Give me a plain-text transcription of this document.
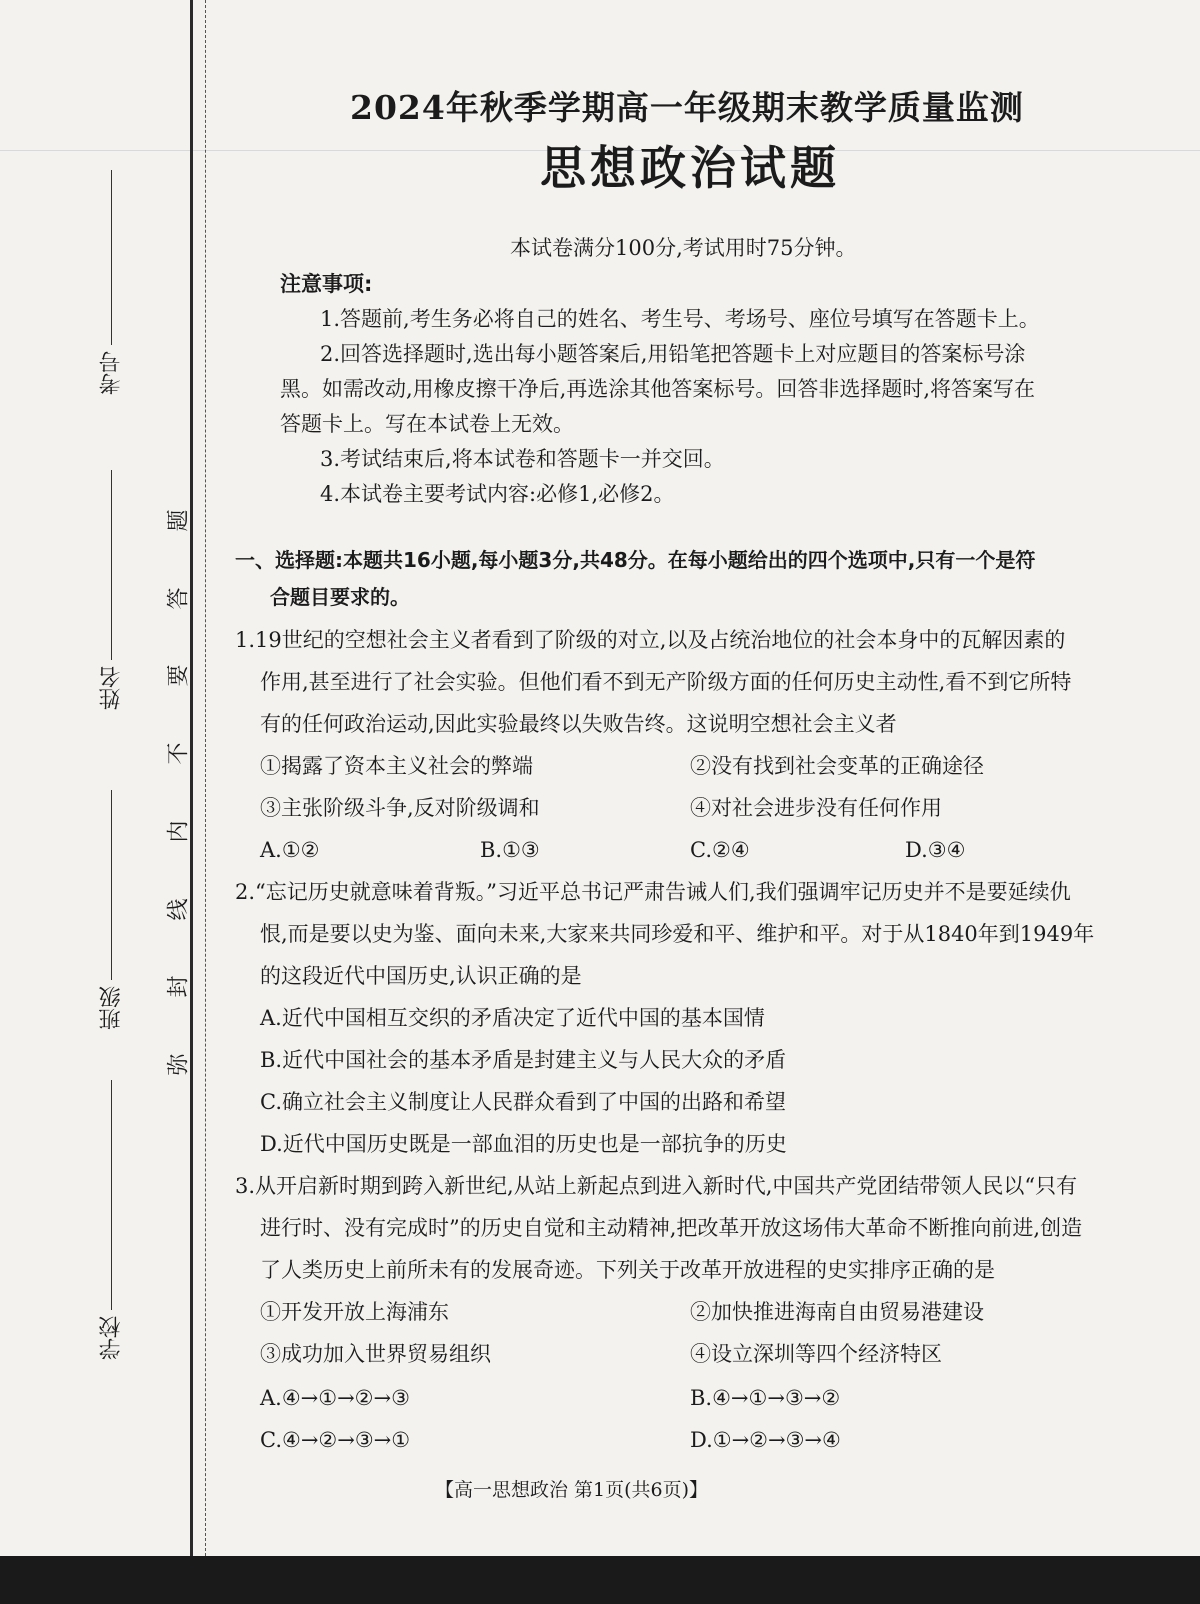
考号
姓名
班级
学校
题
答
要
不
内
线
封
弥
2024年秋季学期高一年级期末教学质量监测
思想政治试题
本试卷满分100分,考试用时75分钟。
注意事项:
1.答题前,考生务必将自己的姓名、考生号、考场号、座位号填写在答题卡上。
2.回答选择题时,选出每小题答案后,用铅笔把答题卡上对应题目的答案标号涂
黑。如需改动,用橡皮擦干净后,再选涂其他答案标号。回答非选择题时,将答案写在
答题卡上。写在本试卷上无效。
3.考试结束后,将本试卷和答题卡一并交回。
4.本试卷主要考试内容:必修1,必修2。
一、选择题:本题共16小题,每小题3分,共48分。在每小题给出的四个选项中,只有一个是符
合题目要求的。
1.19世纪的空想社会主义者看到了阶级的对立,以及占统治地位的社会本身中的瓦解因素的
作用,甚至进行了社会实验。但他们看不到无产阶级方面的任何历史主动性,看不到它所特
有的任何政治运动,因此实验最终以失败告终。这说明空想社会主义者
①揭露了资本主义社会的弊端	②没有找到社会变革的正确途径
③主张阶级斗争,反对阶级调和	④对社会进步没有任何作用
A.①②	B.①③	C.②④	D.③④
2.“忘记历史就意味着背叛。”习近平总书记严肃告诫人们,我们强调牢记历史并不是要延续仇
恨,而是要以史为鉴、面向未来,大家来共同珍爱和平、维护和平。对于从1840年到1949年
的这段近代中国历史,认识正确的是
A.近代中国相互交织的矛盾决定了近代中国的基本国情
B.近代中国社会的基本矛盾是封建主义与人民大众的矛盾
C.确立社会主义制度让人民群众看到了中国的出路和希望
D.近代中国历史既是一部血泪的历史也是一部抗争的历史
3.从开启新时期到跨入新世纪,从站上新起点到进入新时代,中国共产党团结带领人民以“只有
进行时、没有完成时”的历史自觉和主动精神,把改革开放这场伟大革命不断推向前进,创造
了人类历史上前所未有的发展奇迹。下列关于改革开放进程的史实排序正确的是
①开发开放上海浦东	②加快推进海南自由贸易港建设
③成功加入世界贸易组织	④设立深圳等四个经济特区
A.④→①→②→③	B.④→①→③→②
C.④→②→③→①	D.①→②→③→④
【高一思想政治 第1页(共6页)】
